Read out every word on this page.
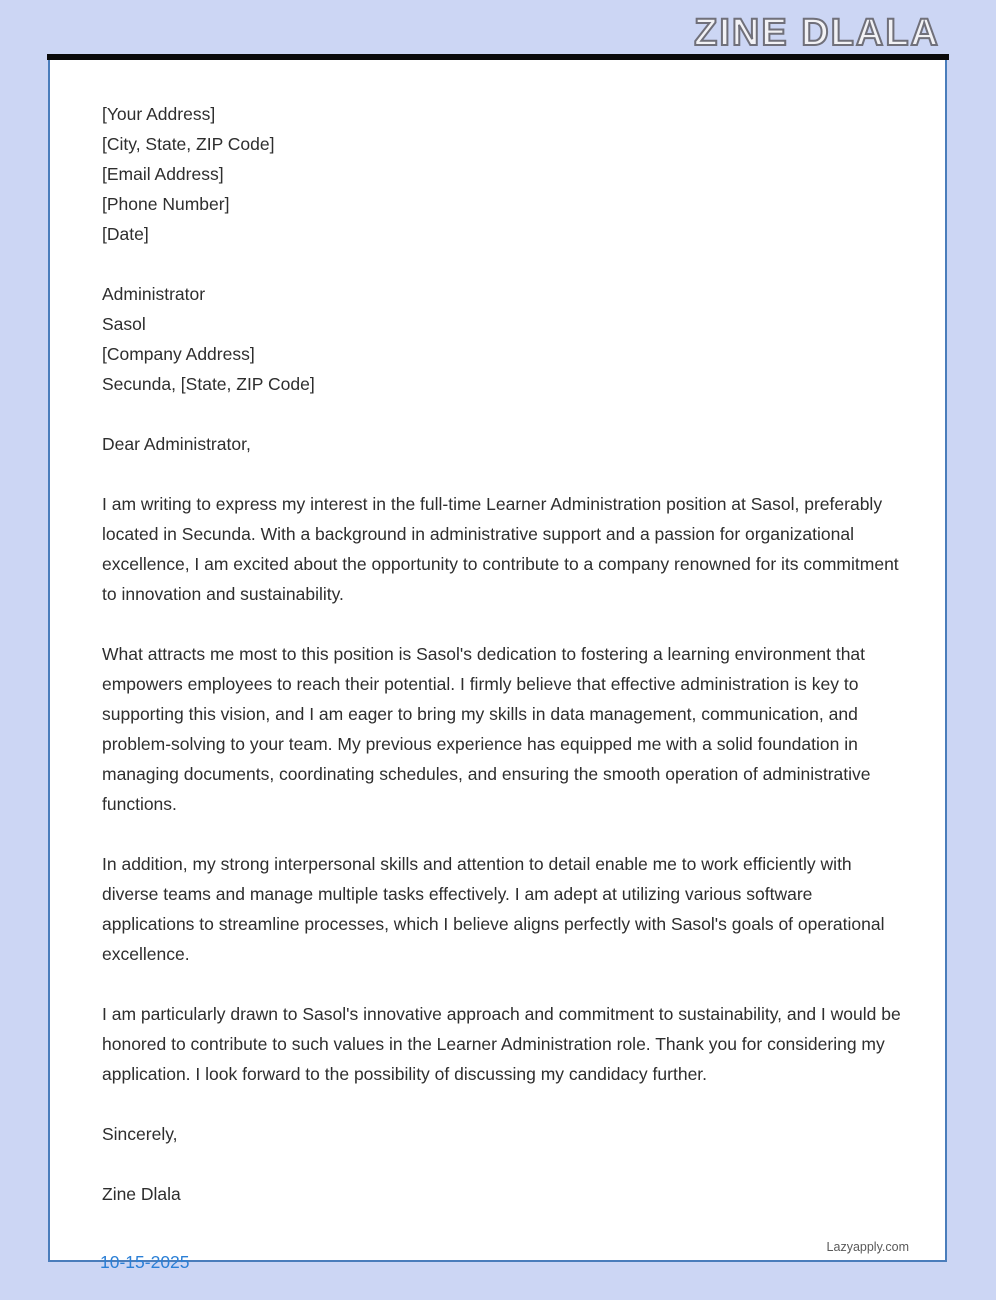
ZINE DLALA
[Your Address]
[City, State, ZIP Code]
[Email Address]
[Phone Number]
[Date]
Administrator
Sasol
[Company Address]
Secunda, [State, ZIP Code]
Dear Administrator,

I am writing to express my interest in the full-time Learner Administration position at Sasol, preferably located in Secunda. With a background in administrative support and a passion for organizational excellence, I am excited about the opportunity to contribute to a company renowned for its commitment to innovation and sustainability.

What attracts me most to this position is Sasol's dedication to fostering a learning environment that empowers employees to reach their potential. I firmly believe that effective administration is key to supporting this vision, and I am eager to bring my skills in data management, communication, and problem-solving to your team. My previous experience has equipped me with a solid foundation in managing documents, coordinating schedules, and ensuring the smooth operation of administrative functions.

In addition, my strong interpersonal skills and attention to detail enable me to work efficiently with diverse teams and manage multiple tasks effectively. I am adept at utilizing various software applications to streamline processes, which I believe aligns perfectly with Sasol's goals of operational excellence.

I am particularly drawn to Sasol's innovative approach and commitment to sustainability, and I would be honored to contribute to such values in the Learner Administration role. Thank you for considering my application. I look forward to the possibility of discussing my candidacy further.

Sincerely,
Zine Dlala
Lazyapply.com
10-15-2025
